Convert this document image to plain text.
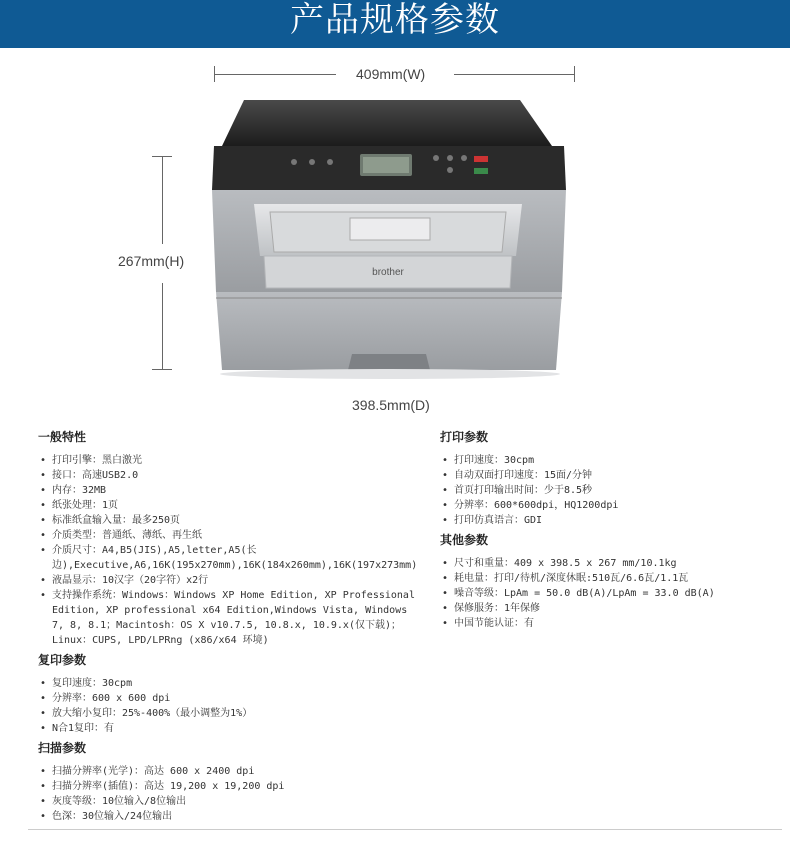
产品规格参数
409mm(W)
267mm(H)
398.5mm(D)
brother
一般特性
• 打印引擎：黑白激光
• 接口：高速USB2.0
• 内存：32MB
• 纸张处理：1页
• 标准纸盒输入量：最多250页
• 介质类型：普通纸、薄纸、再生纸
• 介质尺寸：A4,B5(JIS),A5,letter,A5(长边),Executive,A6,16K(195x270mm),16K(184x260mm),16K(197x273mm)
• 液晶显示：10汉字（20字符）x2行
• 支持操作系统：Windows：Windows XP Home Edition, XP Professional Edition, XP professional x64 Edition,Windows Vista, Windows 7, 8, 8.1；Macintosh：OS X v10.7.5, 10.8.x, 10.9.x(仅下载)；Linux：CUPS, LPD/LPRng (x86/x64 环境)
复印参数
• 复印速度：30cpm
• 分辨率：600 x 600 dpi
• 放大缩小复印：25%-400%（最小调整为1%）
• N合1复印：有
扫描参数
• 扫描分辨率(光学)：高达 600 x 2400 dpi
• 扫描分辨率(插值)：高达 19,200 x 19,200 dpi
• 灰度等级：10位输入/8位输出
• 色深：30位输入/24位输出
打印参数
• 打印速度：30cpm
• 自动双面打印速度：15面/分钟
• 首页打印输出时间：少于8.5秒
• 分辨率：600*600dpi，HQ1200dpi
• 打印仿真语言：GDI
其他参数
• 尺寸和重量：409 x 398.5 x 267 mm/10.1kg
• 耗电量：打印/待机/深度休眠:510瓦/6.6瓦/1.1瓦
• 噪音等级：LpAm = 50.0 dB(A)/LpAm = 33.0 dB(A)
• 保修服务：1年保修
• 中国节能认证：有
